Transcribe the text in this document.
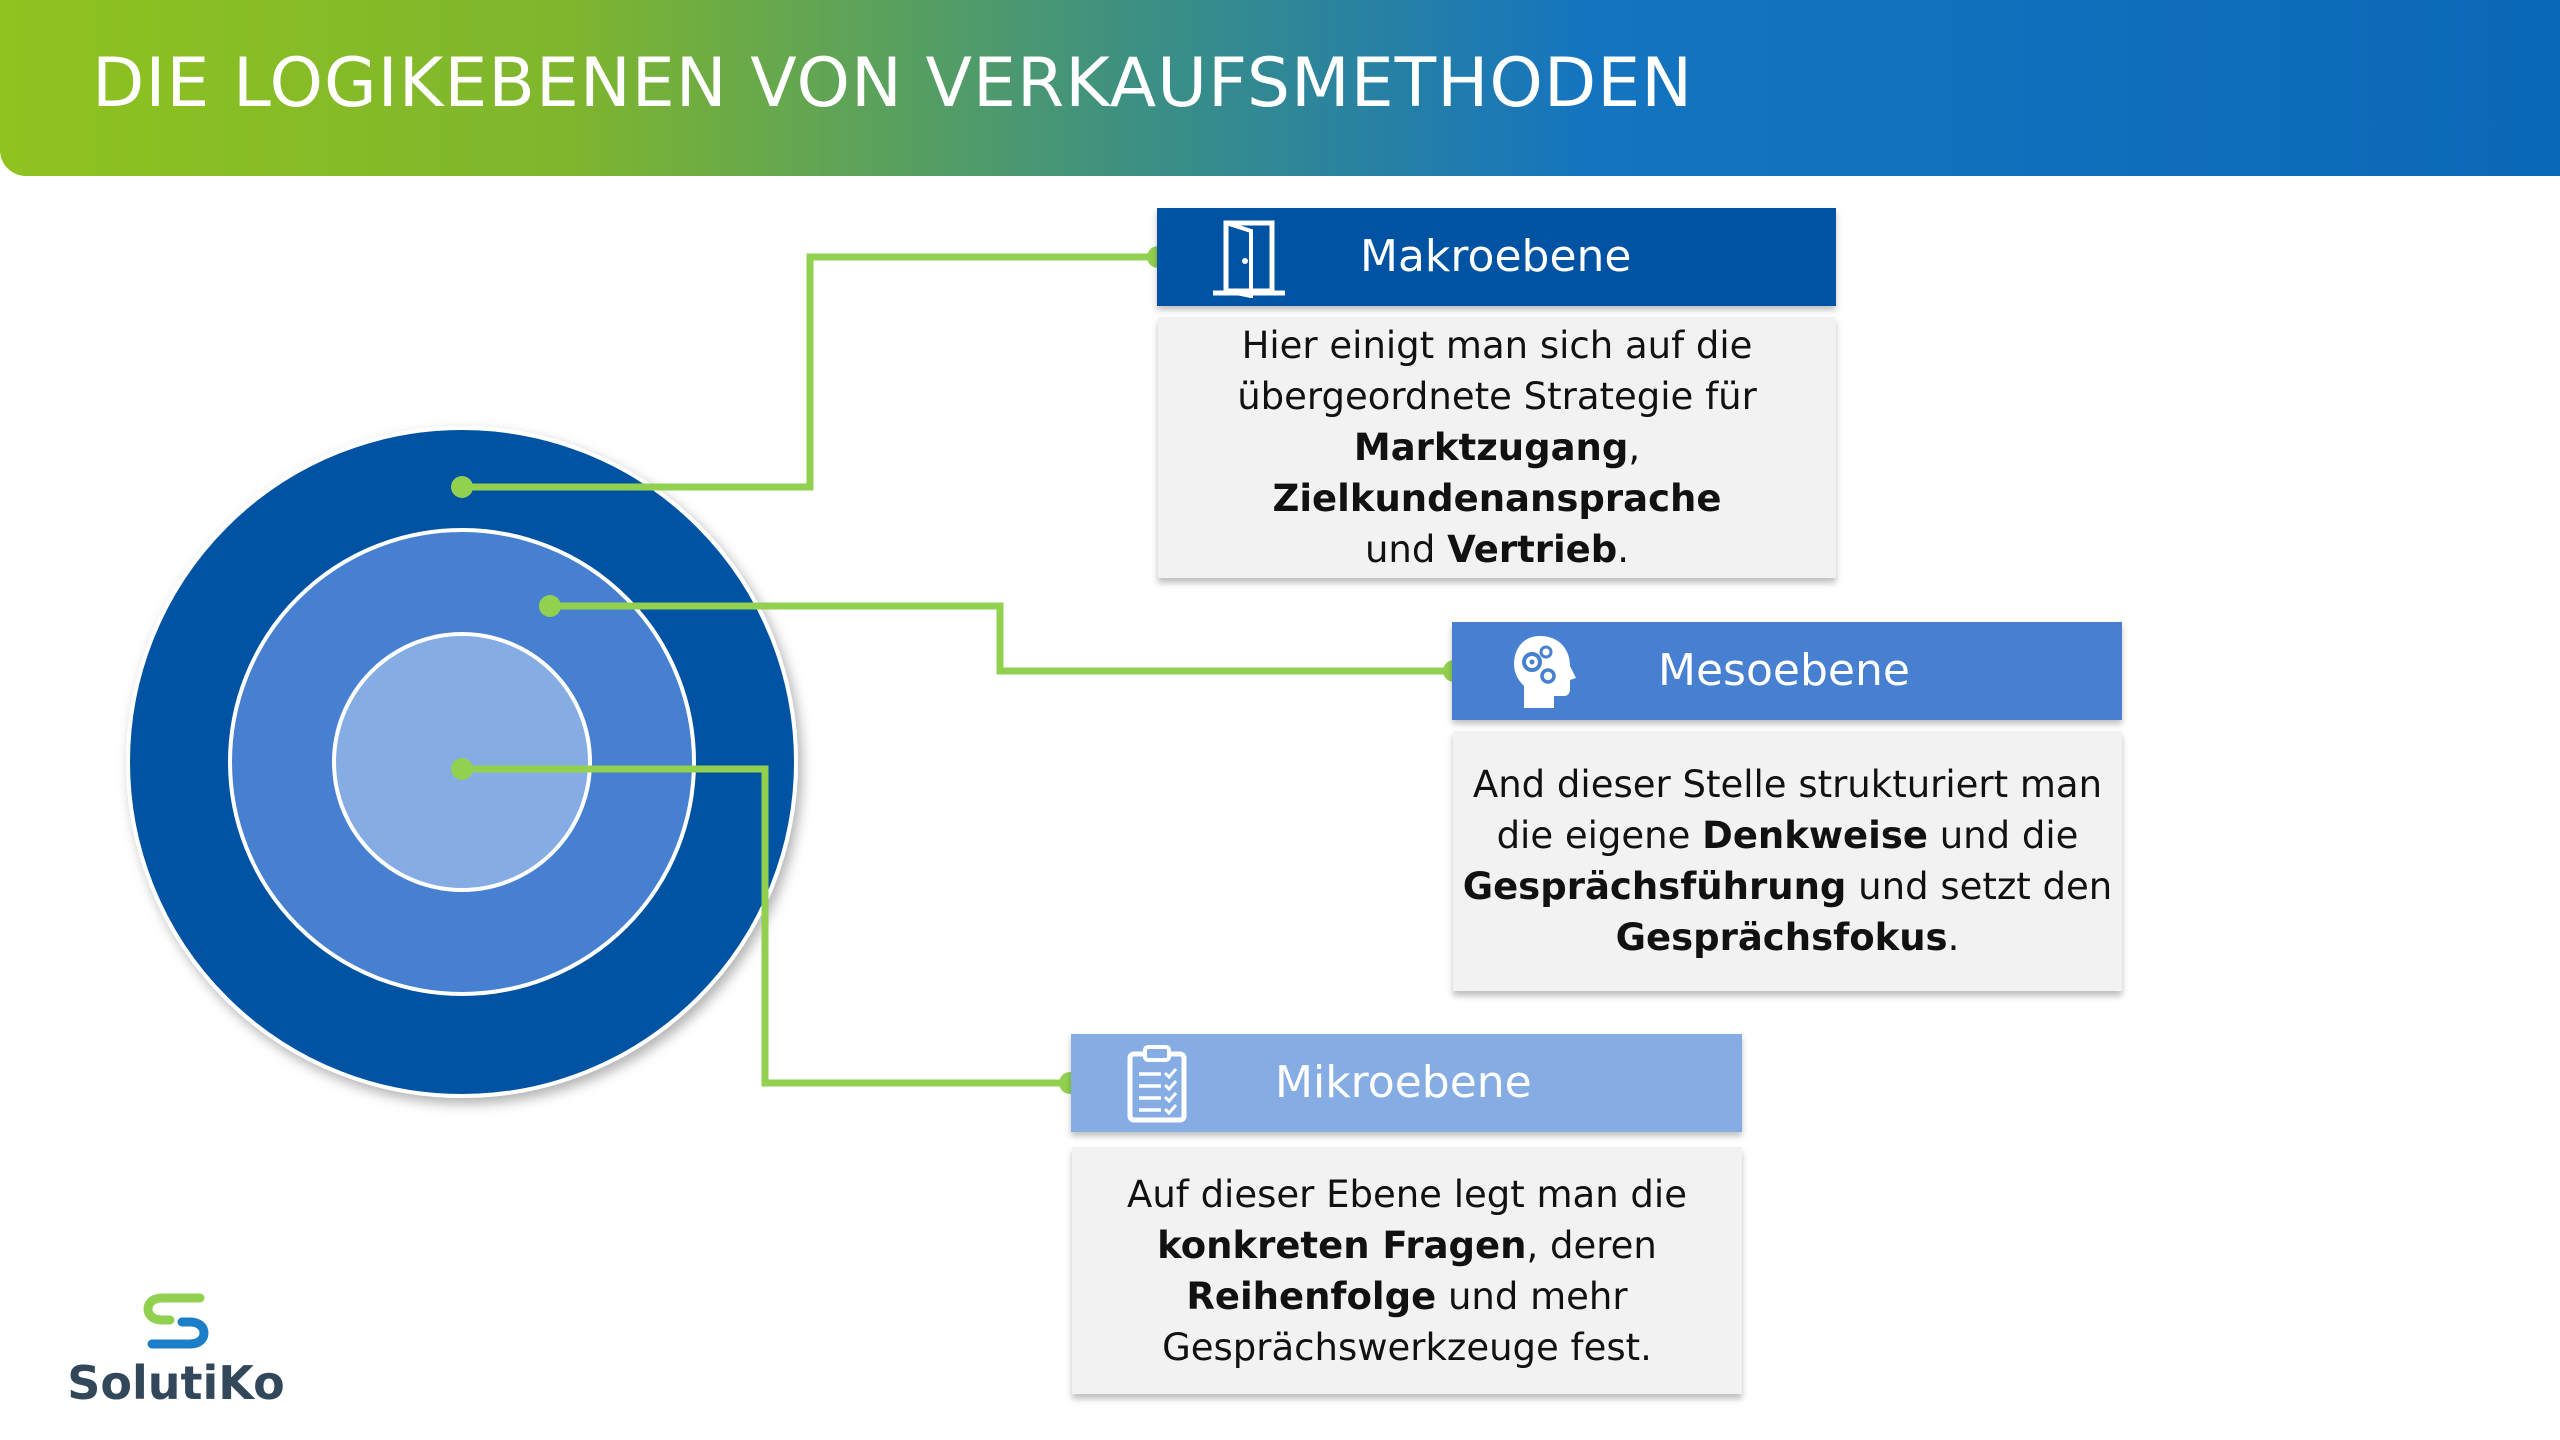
DIE LOGIKEBENEN VON VERKAUFSMETHODEN
Makroebene
Hier einigt man sich auf die
übergeordnete Strategie für
Marktzugang, Zielkundenansprache
und Vertrieb.
Mesoebene
And dieser Stelle strukturiert man
die eigene Denkweise und die
Gesprächsführung und setzt den
Gesprächsfokus.
Mikroebene
Auf dieser Ebene legt man die
konkreten Fragen, deren
Reihenfolge und mehr
Gesprächswerkzeuge fest.
SolutiKo
